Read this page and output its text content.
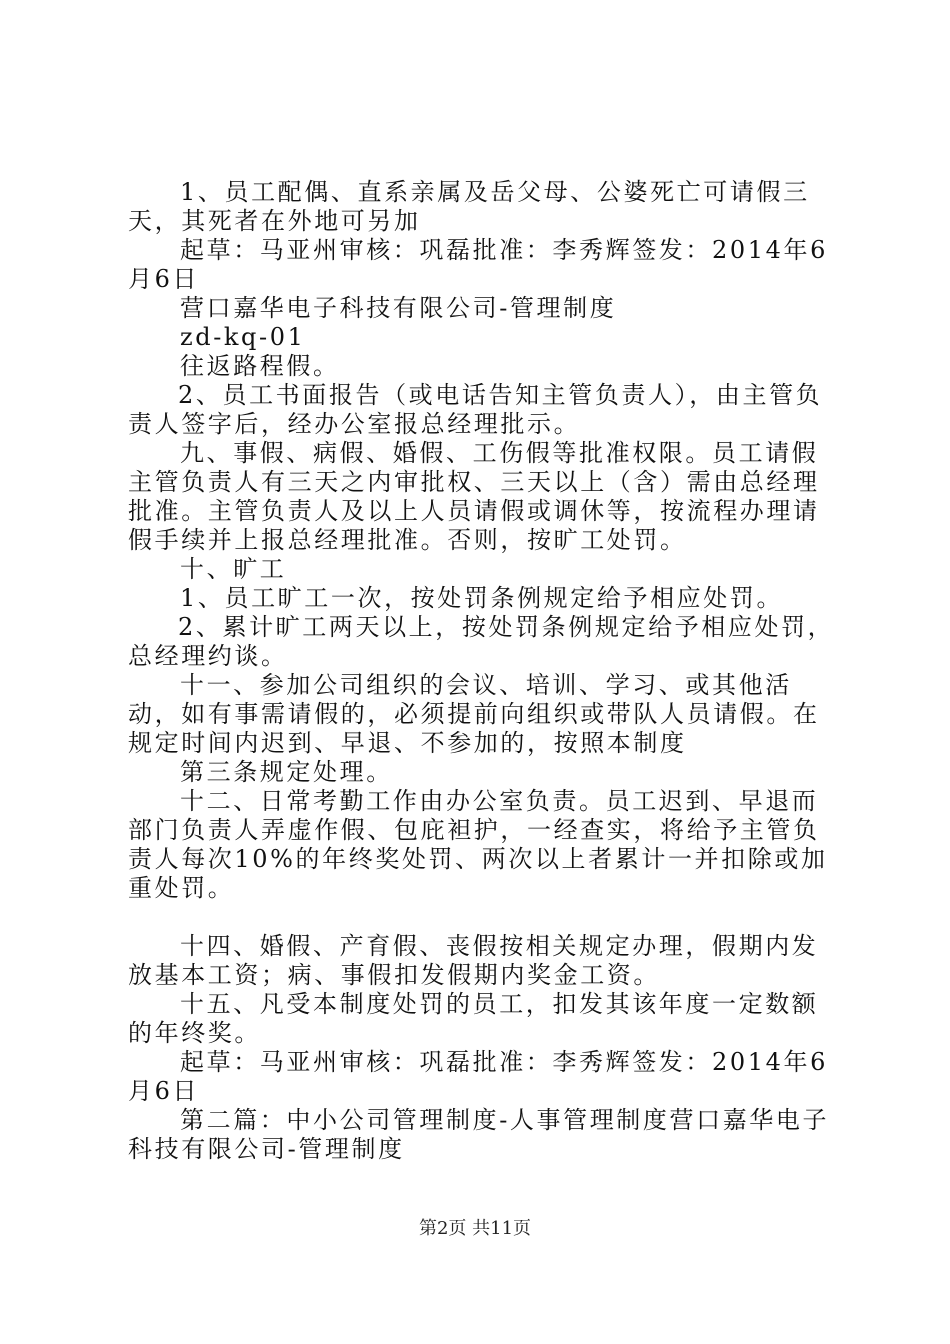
1、员工配偶、直系亲属及岳父母、公婆死亡可请假三天，其死者在外地可另加

起草：马亚州审核：巩磊批准：李秀辉签发：2014年6月6日

营口嘉华电子科技有限公司-管理制度

zd-kq-01

往返路程假。

2、员工书面报告（或电话告知主管负责人），由主管负责人签字后，经办公室报总经理批示。

九、事假、病假、婚假、工伤假等批准权限。员工请假主管负责人有三天之内审批权、三天以上（含）需由总经理批准。主管负责人及以上人员请假或调休等，按流程办理请假手续并上报总经理批准。否则，按旷工处罚。

十、旷工

1、员工旷工一次，按处罚条例规定给予相应处罚。

2、累计旷工两天以上，按处罚条例规定给予相应处罚，总经理约谈。

十一、参加公司组织的会议、培训、学习、或其他活动，如有事需请假的，必须提前向组织或带队人员请假。在规定时间内迟到、早退、不参加的，按照本制度

第三条规定处理。

十二、日常考勤工作由办公室负责。员工迟到、早退而部门负责人弄虚作假、包庇袒护，一经查实，将给予主管负责人每次10%的年终奖处罚、两次以上者累计一并扣除或加重处罚。

十四、婚假、产育假、丧假按相关规定办理，假期内发放基本工资；病、事假扣发假期内奖金工资。

十五、凡受本制度处罚的员工，扣发其该年度一定数额的年终奖。

起草：马亚州审核：巩磊批准：李秀辉签发：2014年6月6日

第二篇：中小公司管理制度-人事管理制度营口嘉华电子科技有限公司-管理制度

第2页 共11页
